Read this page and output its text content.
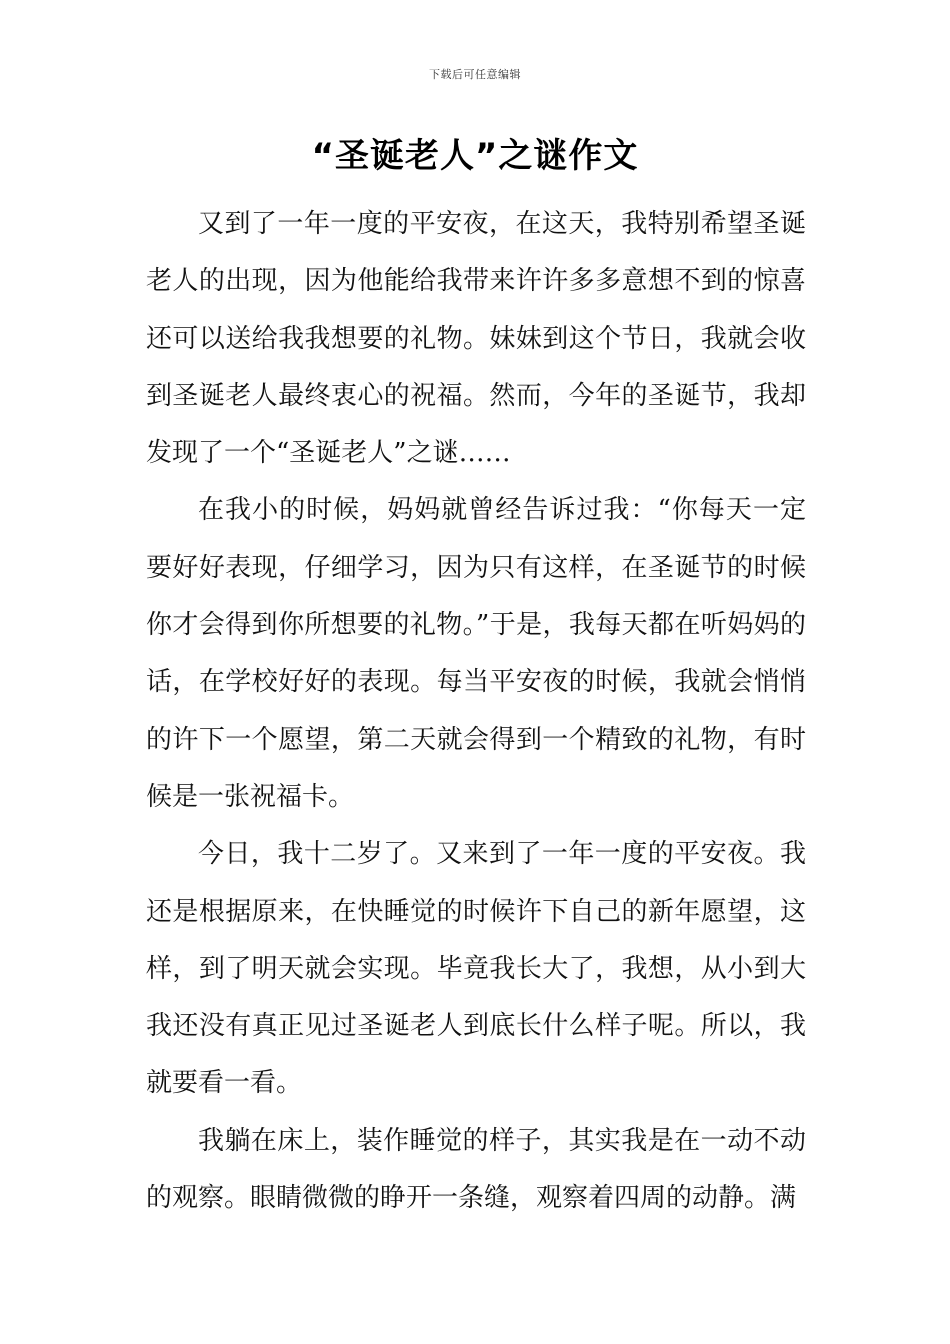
下载后可任意编辑
“圣诞老人”之谜作文

又到了一年一度的平安夜，在这天，我特别希望圣诞老人的出现，因为他能给我带来许许多多意想不到的惊喜还可以送给我我想要的礼物。妹妹到这个节日，我就会收到圣诞老人最终衷心的祝福。然而，今年的圣诞节，我却发现了一个“圣诞老人”之谜……

在我小的时候，妈妈就曾经告诉过我：“你每天一定要好好表现，仔细学习，因为只有这样，在圣诞节的时候你才会得到你所想要的礼物。”于是，我每天都在听妈妈的话，在学校好好的表现。每当平安夜的时候，我就会悄悄的许下一个愿望，第二天就会得到一个精致的礼物，有时候是一张祝福卡。

今日，我十二岁了。又来到了一年一度的平安夜。我还是根据原来，在快睡觉的时候许下自己的新年愿望，这样，到了明天就会实现。毕竟我长大了，我想，从小到大我还没有真正见过圣诞老人到底长什么样子呢。所以，我就要看一看。

我躺在床上，装作睡觉的样子，其实我是在一动不动的观察。眼睛微微的睁开一条缝，观察着四周的动静。满
